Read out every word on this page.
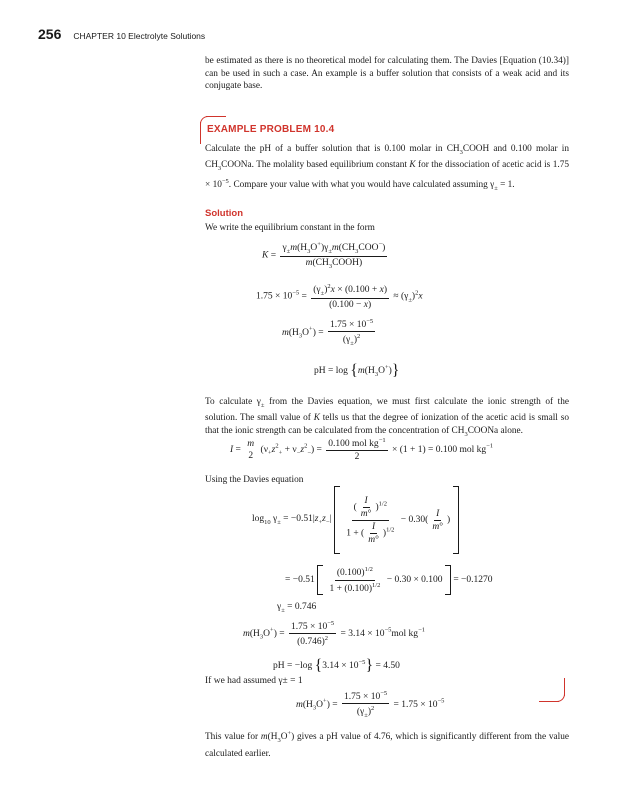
256 CHAPTER 10 Electrolyte Solutions

be estimated as there is no theoretical model for calculating them. The Davies [Equation (10.34)] can be used in such a case. An example is a buffer solution that consists of a weak acid and its conjugate base.

EXAMPLE PROBLEM 10.4

Calculate the pH of a buffer solution that is 0.100 molar in $CH_3COOH$ and 0.100 molar in $CH_3COONa$. The molality based equilibrium constant K for the dissociation of acetic acid is $1.75 \times 10^{-5}$. Compare your value with what you would have calculated assuming $\gamma_\pm = 1$.

Solution

We write the equilibrium constant in the form

$K = \frac{\gamma_\pm m(H_3O^+)\gamma_\pm m(CH_3COO^-)}{m(CH_3COOH)}$
$1.75 \times 10^{-5} = \frac{(\gamma_\pm)^2x \times (0.100 + x)}{(0.100 - x)} \approx (\gamma_\pm)^2x$
$m(H_3O^+) = \frac{1.75 \times 10^{-5}}{(\gamma_\pm)^2}$
pH = $\log \{m(H_3O^+)\}$

To calculate $\gamma_\pm$ from the Davies equation, we must first calculate the ionic strength of the solution. The small value of K tells us that the degree of ionization of the acetic acid is small so that the ionic strength can be calculated from the concentration of $CH_3COONa$ alone.

I =
m
2
$(\nu_+z^2_+ + \nu_-z^2_-) = \frac{0.100 mol kg^{-1}}{2} \times (1 + 1) = 0.100$ mol $kg^{-1}$

Using the Davies equation

$\log_{10} \gamma_\pm = -0.51|z_+z_-| \frac{( \frac{I}{m^\circ} )^{1/2}}{1 + ( \frac{I}{m^\circ} )^{1/2}} - 0.30( \frac{I}{m^\circ}$ )
= $-0.51 \frac{(0.100)^{1/2}}{1 + (0.100)^{1/2}} - 0.30 \times 0.100 = -0.1270$
$\gamma_\pm = 0.746$
$m(H_3O^+) = \frac{1.75 \times 10^{-5}}{(0.746)^2} = 3.14 \times 10^{-5}mol$ $kg^{-1}$
pH = −log $\{3.14 \times 10^{-5}\} = 4.50$
If we had assumed γ± = 1
$m(H_3O^+) = \frac{1.75 \times 10^{-5}}{(\gamma_\pm)^2} = 1.75 \times 10^{-5}$

This value for $m(H_3O^+)$ gives a pH value of 4.76, which is significantly different from the value calculated earlier.
